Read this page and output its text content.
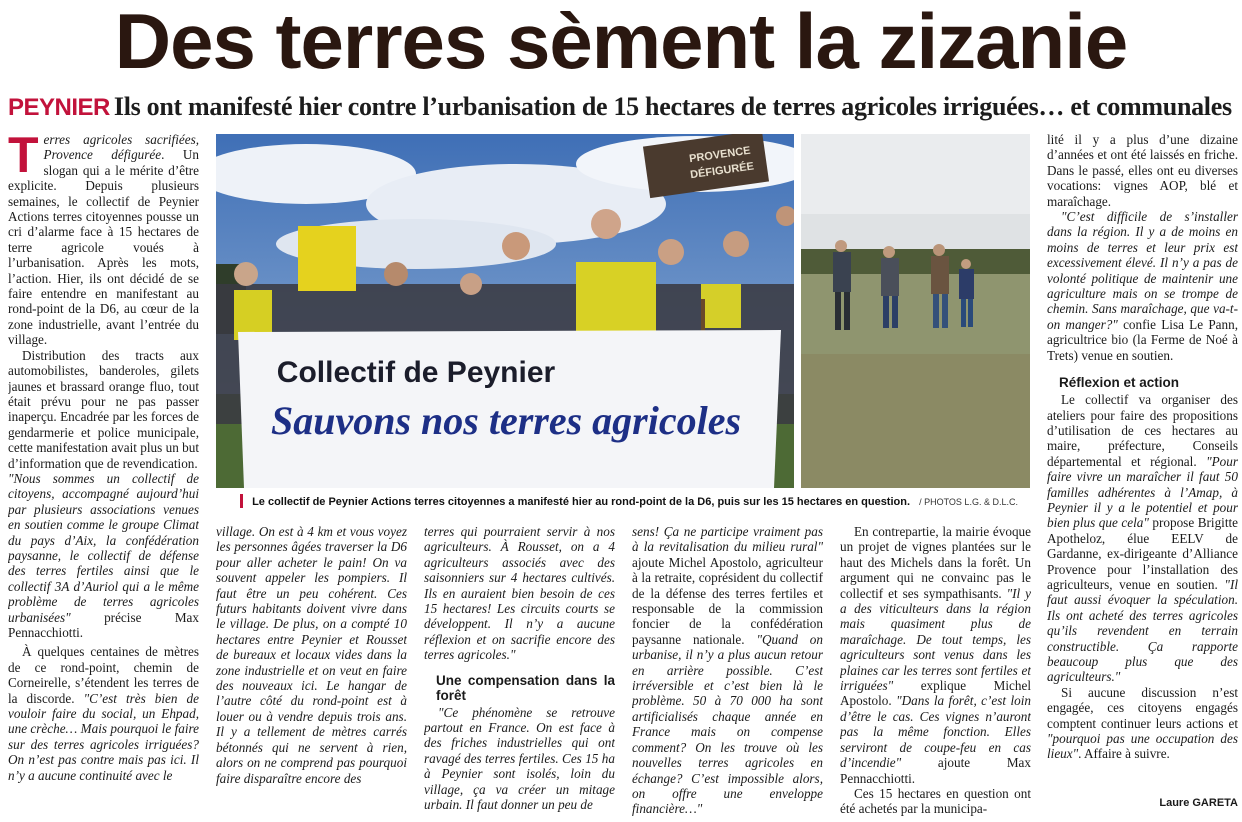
Des terres sèment la zizanie
PEYNIER Ils ont manifesté hier contre l’urbanisation de 15 hectares de terres agricoles irriguées… et communales

Terres agricoles sacrifiées, Provence défigurée. Un slogan qui a le mérite d’être explicite. Depuis plusieurs semaines, le collectif de Peynier Actions terres citoyennes pousse un cri d’alarme face à 15 hectares de terre agricole voués à l’urbanisation. Après les mots, l’action. Hier, ils ont décidé de se faire entendre en manifestant au rond-point de la D6, au cœur de la zone industrielle, avant l’entrée du village.

Distribution des tracts aux automobilistes, banderoles, gilets jaunes et brassard orange fluo, tout était prévu pour ne pas passer inaperçu. Encadrée par les forces de gendarmerie et police municipale, cette manifestation avait plus un but d’information que de revendication.

"Nous sommes un collectif de citoyens, accompagné aujourd’hui par plusieurs associations venues en soutien comme le groupe Climat du pays d’Aix, la confédération paysanne, le collectif de défense des terres fertiles ainsi que le collectif 3A d’Auriol qui a le même problème de terres agricoles urbanisées" précise Max Pennacchiotti.

À quelques centaines de mètres de ce rond-point, chemin de Corneirelle, s’étendent les terres de la discorde. "C’est très bien de vouloir faire du social, un Ehpad, une crèche… Mais pourquoi le faire sur des terres agricoles irriguées? On n’est pas contre mais pas ici. Il n’y a aucune continuité avec le

PROVENCE
DÉFIGURÉE
Collectif de Peynier
Sauvons nos terres agricoles
Le collectif de Peynier Actions terres citoyennes a manifesté hier au rond-point de la D6, puis sur les 15 hectares en question. / PHOTOS L.G. & D.L.C.

village. On est à 4 km et vous voyez les personnes âgées traverser la D6 pour aller acheter le pain! On va souvent appeler les pompiers. Il faut être un peu cohérent. Ces futurs habitants doivent vivre dans le village. De plus, on a compté 10 hectares entre Peynier et Rousset de bureaux et locaux vides dans la zone industrielle et on veut en faire des nouveaux ici. Le hangar de l’autre côté du rond-point est à louer ou à vendre depuis trois ans. Il y a tellement de mètres carrés bétonnés qui ne servent à rien, alors on ne comprend pas pourquoi faire disparaître encore des

terres qui pourraient servir à nos agriculteurs. À Rousset, on a 4 agriculteurs associés avec des saisonniers sur 4 hectares cultivés. Ils en auraient bien besoin de ces 15 hectares! Les circuits courts se développent. Il n’y a aucune réflexion et on sacrifie encore des terres agricoles."

Une compensation dans la forêt

"Ce phénomène se retrouve partout en France. On est face à des friches industrielles qui ont ravagé des terres fertiles. Ces 15 ha à Peynier sont isolés, loin du village, ça va créer un mitage urbain. Il faut donner un peu de

sens! Ça ne participe vraiment pas à la revitalisation du milieu rural" ajoute Michel Apostolo, agriculteur à la retraite, coprésident du collectif de la défense des terres fertiles et responsable de la commission foncier de la confédération paysanne nationale. "Quand on urbanise, il n’y a plus aucun retour en arrière possible. C’est irréversible et c’est bien là le problème. 50 à 70 000 ha sont artificialisés chaque année en France mais on compense comment? On les trouve où les nouvelles terres agricoles en échange? C’est impossible alors, on offre une enveloppe financière…"

En contrepartie, la mairie évoque un projet de vignes plantées sur le haut des Michels dans la forêt. Un argument qui ne convainc pas le collectif et ses sympathisants. "Il y a des viticulteurs dans la région mais quasiment plus de maraîchage. De tout temps, les agriculteurs sont venus dans les plaines car les terres sont fertiles et irriguées" explique Michel Apostolo. "Dans la forêt, c’est loin d’être le cas. Ces vignes n’auront pas la même fonction. Elles serviront de coupe-feu en cas d’incendie" ajoute Max Pennacchiotti.

Ces 15 hectares en question ont été achetés par la municipa-

lité il y a plus d’une dizaine d’années et ont été laissés en friche. Dans le passé, elles ont eu diverses vocations: vignes AOP, blé et maraîchage.

"C’est difficile de s’installer dans la région. Il y a de moins en moins de terres et leur prix est excessivement élevé. Il n’y a pas de volonté politique de maintenir une agriculture mais on se trompe de chemin. Sans maraîchage, que va-t-on manger?" confie Lisa Le Pann, agricultrice bio (la Ferme de Noé à Trets) venue en soutien.

Réflexion et action

Le collectif va organiser des ateliers pour faire des propositions d’utilisation de ces hectares au maire, préfecture, Conseils départemental et régional. "Pour faire vivre un maraîcher il faut 50 familles adhérentes à l’Amap, à Peynier il y a le potentiel et pour bien plus que cela" propose Brigitte Apotheloz, élue EELV de Gardanne, ex-dirigeante d’Alliance Provence pour l’installation des agriculteurs, venue en soutien. "Il faut aussi évoquer la spéculation. Ils ont acheté des terres agricoles qu’ils revendent en terrain constructible. Ça rapporte beaucoup plus que des agriculteurs."

Si aucune discussion n’est engagée, ces citoyens engagés comptent continuer leurs actions et "pourquoi pas une occupation des lieux". Affaire à suivre.

Laure GARETA
